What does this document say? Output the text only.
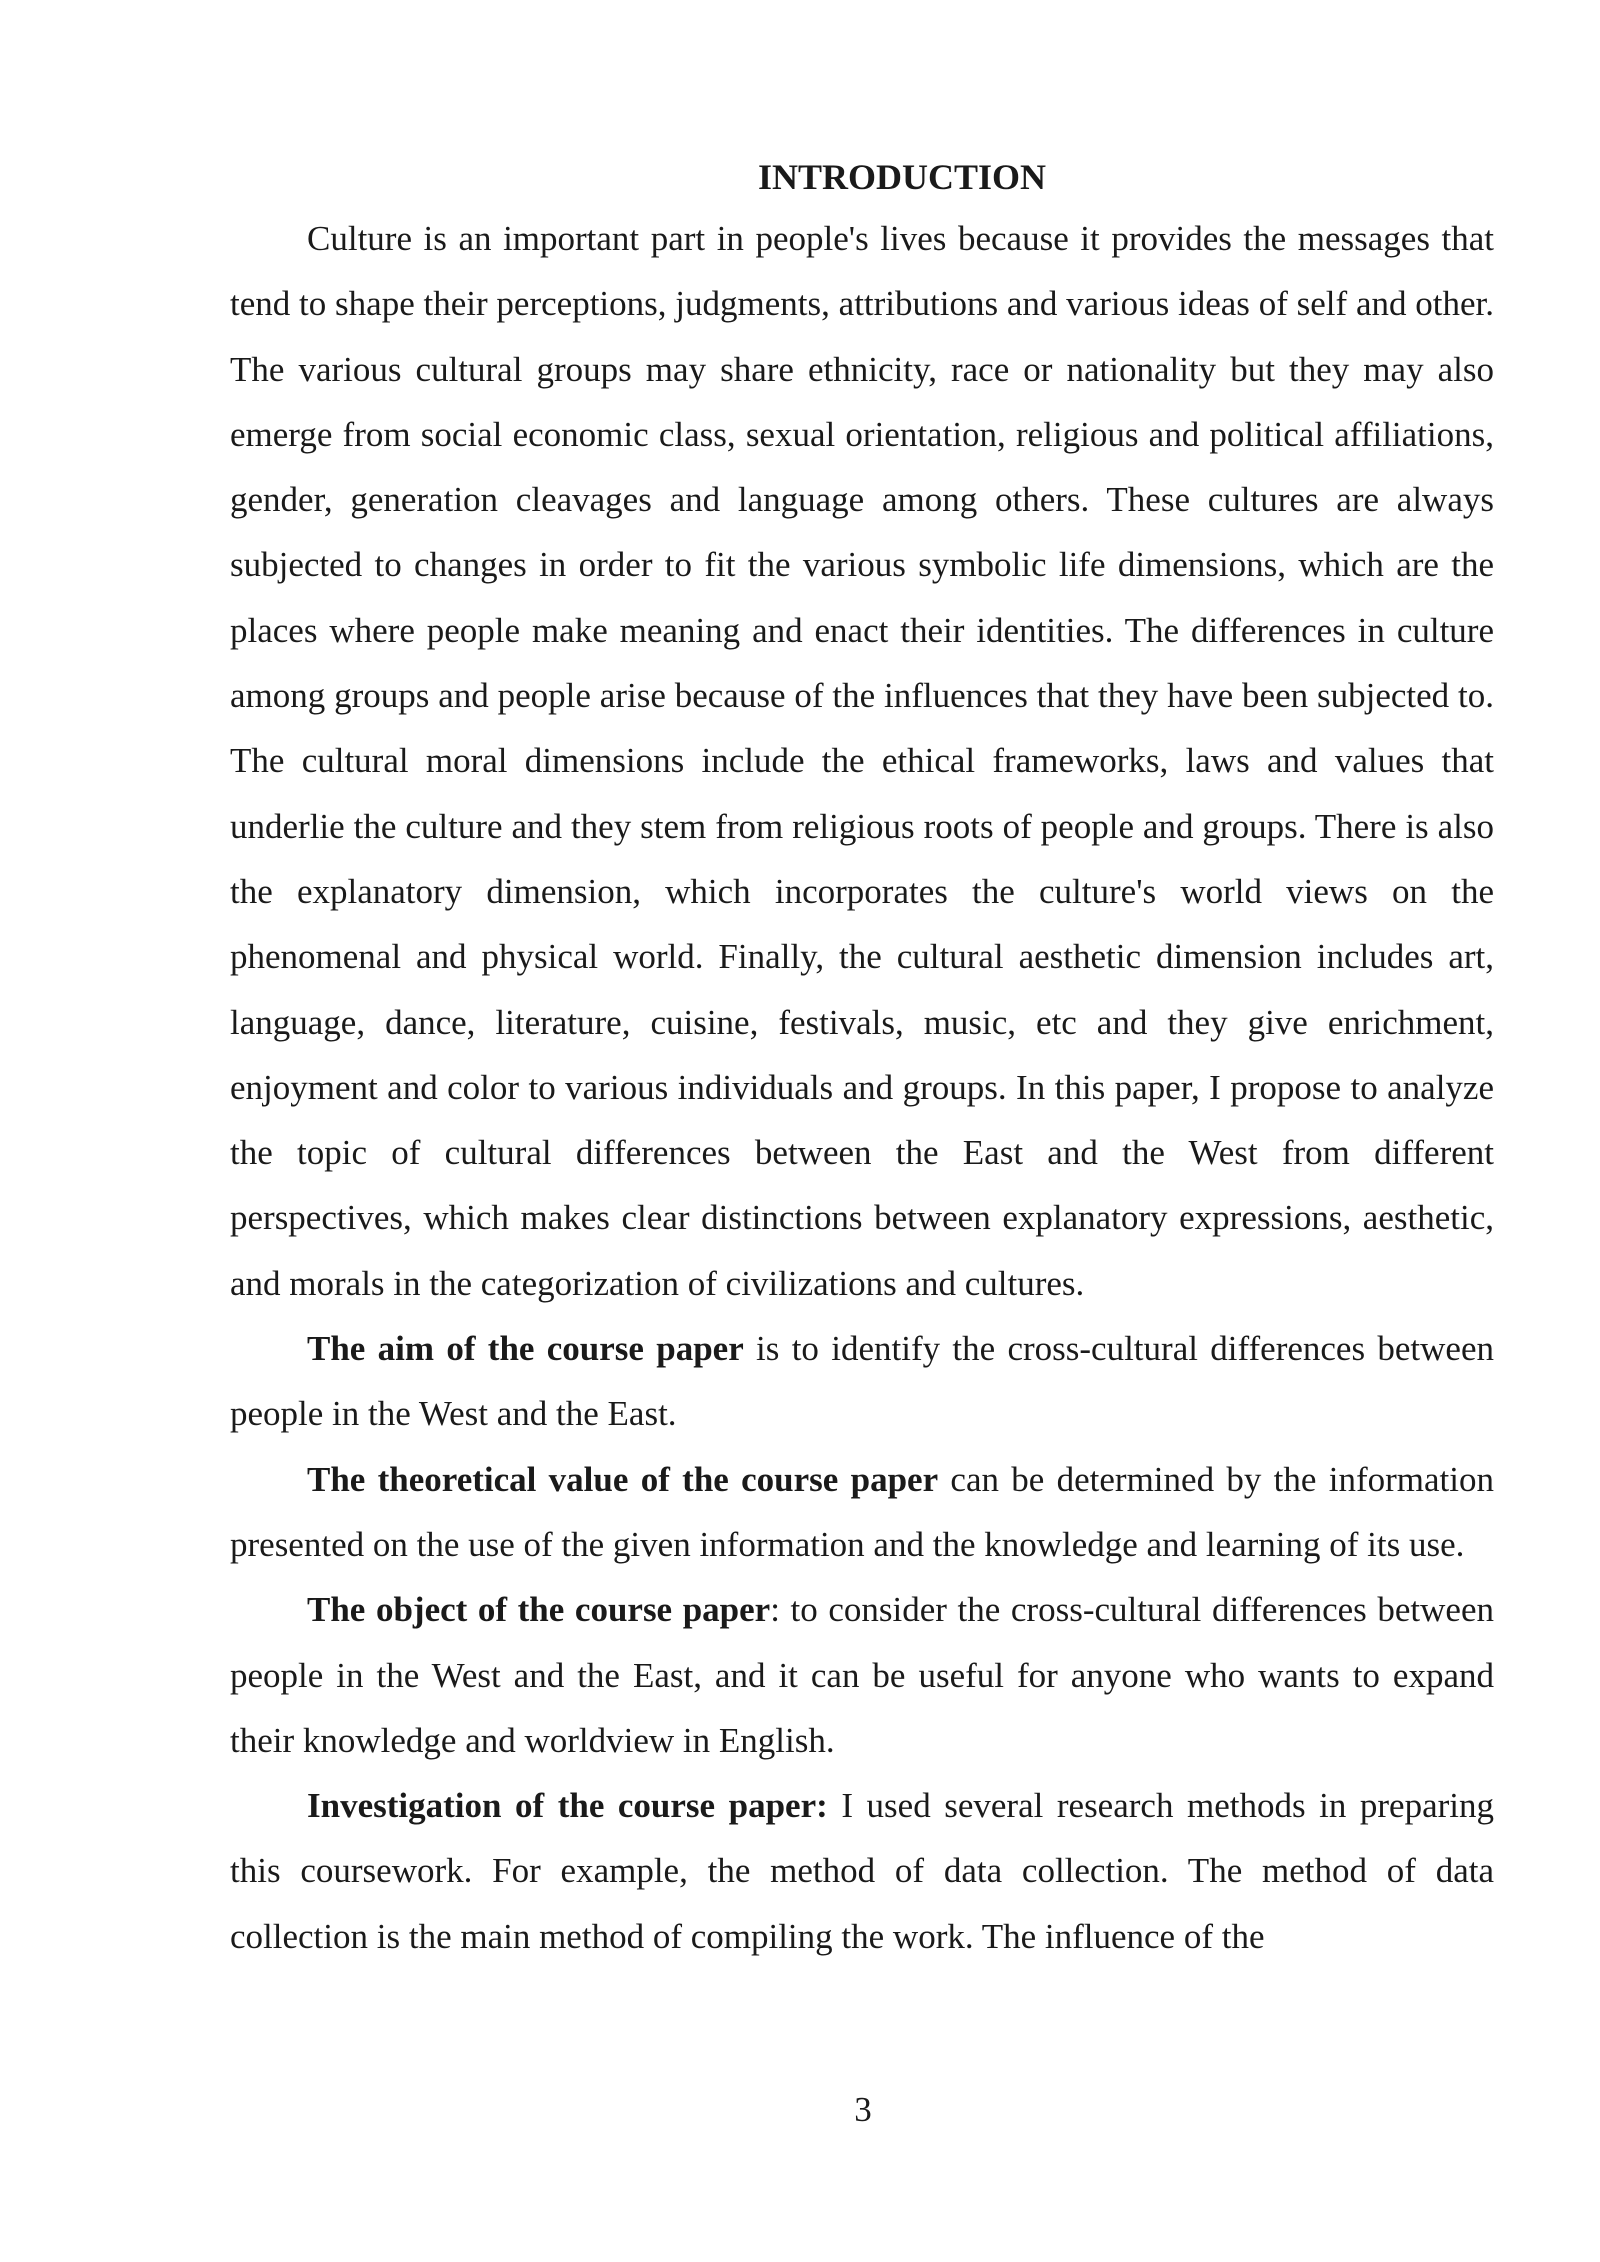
INTRODUCTION

Culture is an important part in people's lives because it provides the messages that tend to shape their perceptions, judgments, attributions and various ideas of self and other. The various cultural groups may share ethnicity, race or nationality but they may also emerge from social economic class, sexual orientation, religious and political affiliations, gender, generation cleavages and language among others. These cultures are always subjected to changes in order to fit the various symbolic life dimensions, which are the places where people make meaning and enact their identities. The differences in culture among groups and people arise because of the influences that they have been subjected to. The cultural moral dimensions include the ethical frameworks, laws and values that underlie the culture and they stem from religious roots of people and groups. There is also the explanatory dimension, which incorporates the culture's world views on the phenomenal and physical world. Finally, the cultural aesthetic dimension includes art, language, dance, literature, cuisine, festivals, music, etc and they give enrichment, enjoyment and color to various individuals and groups. In this paper, I propose to analyze the topic of cultural differences between the East and the West from different perspectives, which makes clear distinctions between explanatory expressions, aesthetic, and morals in the categorization of civilizations and cultures.

The aim of the course paper is to identify the cross-cultural differences between people in the West and the East.

The theoretical value of the course paper can be determined by the information presented on the use of the given information and the knowledge and learning of its use.

The object of the course paper: to consider the cross-cultural differences between people in the West and the East, and it can be useful for anyone who wants to expand their knowledge and worldview in English.

Investigation of the course paper: I used several research methods in preparing this coursework. For example, the method of data collection. The method of data collection is the main method of compiling the work. The influence of the

3
